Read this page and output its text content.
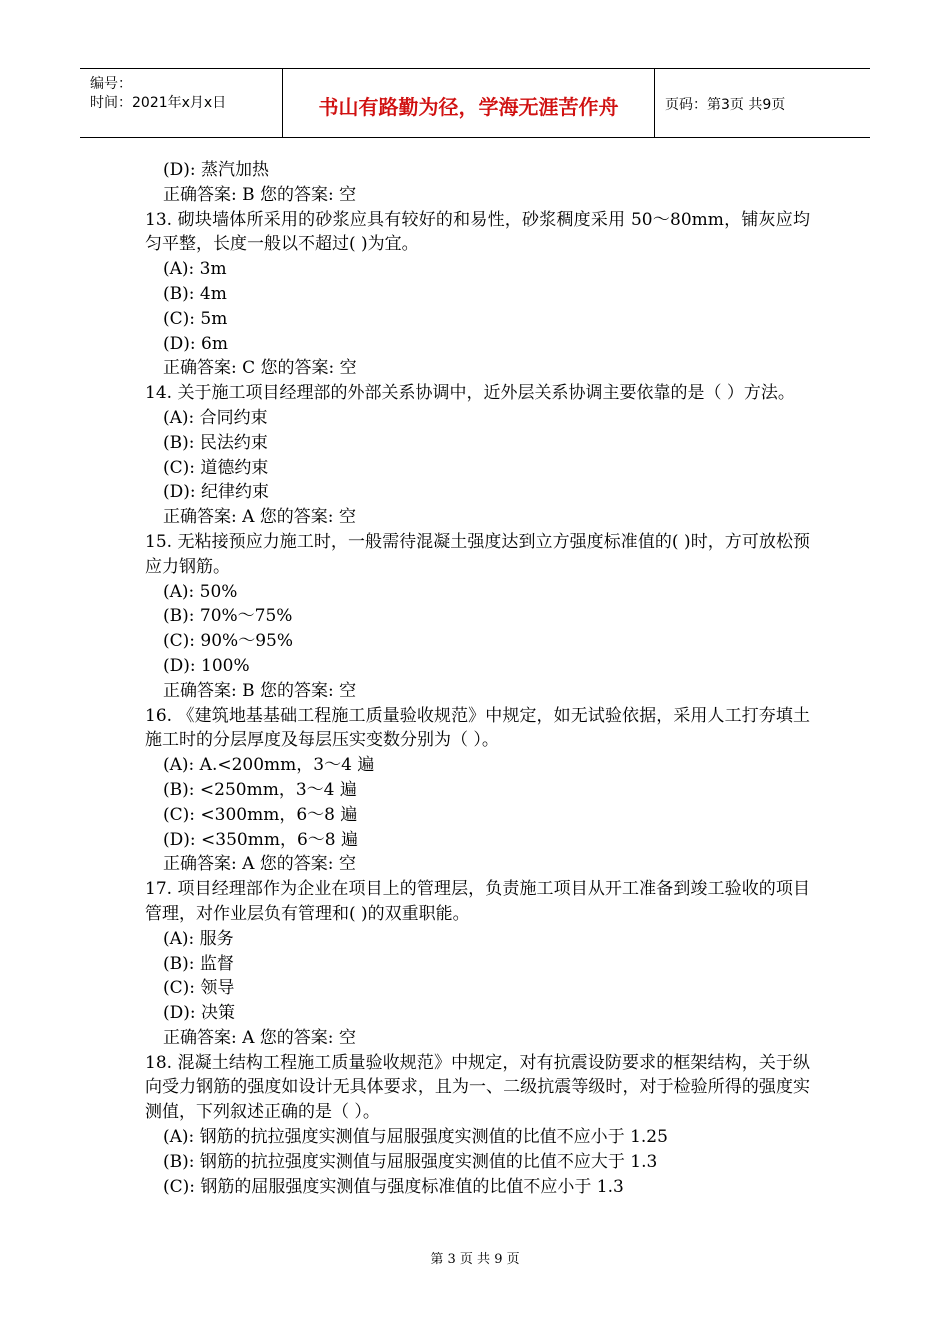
编号：
时间：2021年x月x日	书山有路勤为径，学海无涯苦作舟	页码：第3页 共9页
(D): 蒸汽加热
正确答案: B 您的答案: 空
13. 砌块墙体所采用的砂浆应具有较好的和易性，砂浆稠度采用 50～80mm，铺灰应均匀平整，长度一般以不超过( )为宜。
(A): 3m
(B): 4m
(C): 5m
(D): 6m
正确答案: C 您的答案: 空
14. 关于施工项目经理部的外部关系协调中，近外层关系协调主要依靠的是（ ）方法。
(A): 合同约束
(B): 民法约束
(C): 道德约束
(D): 纪律约束
正确答案: A 您的答案: 空
15. 无粘接预应力施工时，一般需待混凝土强度达到立方强度标准值的( )时，方可放松预应力钢筋。
(A): 50%
(B): 70%～75%
(C): 90%～95%
(D): 100%
正确答案: B 您的答案: 空
16. 《建筑地基基础工程施工质量验收规范》中规定，如无试验依据，采用人工打夯填土施工时的分层厚度及每层压实变数分别为（ ）。
(A): A.<200mm，3～4 遍
(B): <250mm，3～4 遍
(C): <300mm，6～8 遍
(D): <350mm，6～8 遍
正确答案: A 您的答案: 空
17. 项目经理部作为企业在项目上的管理层，负责施工项目从开工准备到竣工验收的项目管理，对作业层负有管理和( )的双重职能。
(A): 服务
(B): 监督
(C): 领导
(D): 决策
正确答案: A 您的答案: 空
18. 混凝土结构工程施工质量验收规范》中规定，对有抗震设防要求的框架结构，关于纵向受力钢筋的强度如设计无具体要求，且为一、二级抗震等级时，对于检验所得的强度实测值，下列叙述正确的是（ ）。
(A): 钢筋的抗拉强度实测值与屈服强度实测值的比值不应小于 1.25
(B): 钢筋的抗拉强度实测值与屈服强度实测值的比值不应大于 1.3
(C): 钢筋的屈服强度实测值与强度标准值的比值不应小于 1.3
第 3 页 共 9 页
